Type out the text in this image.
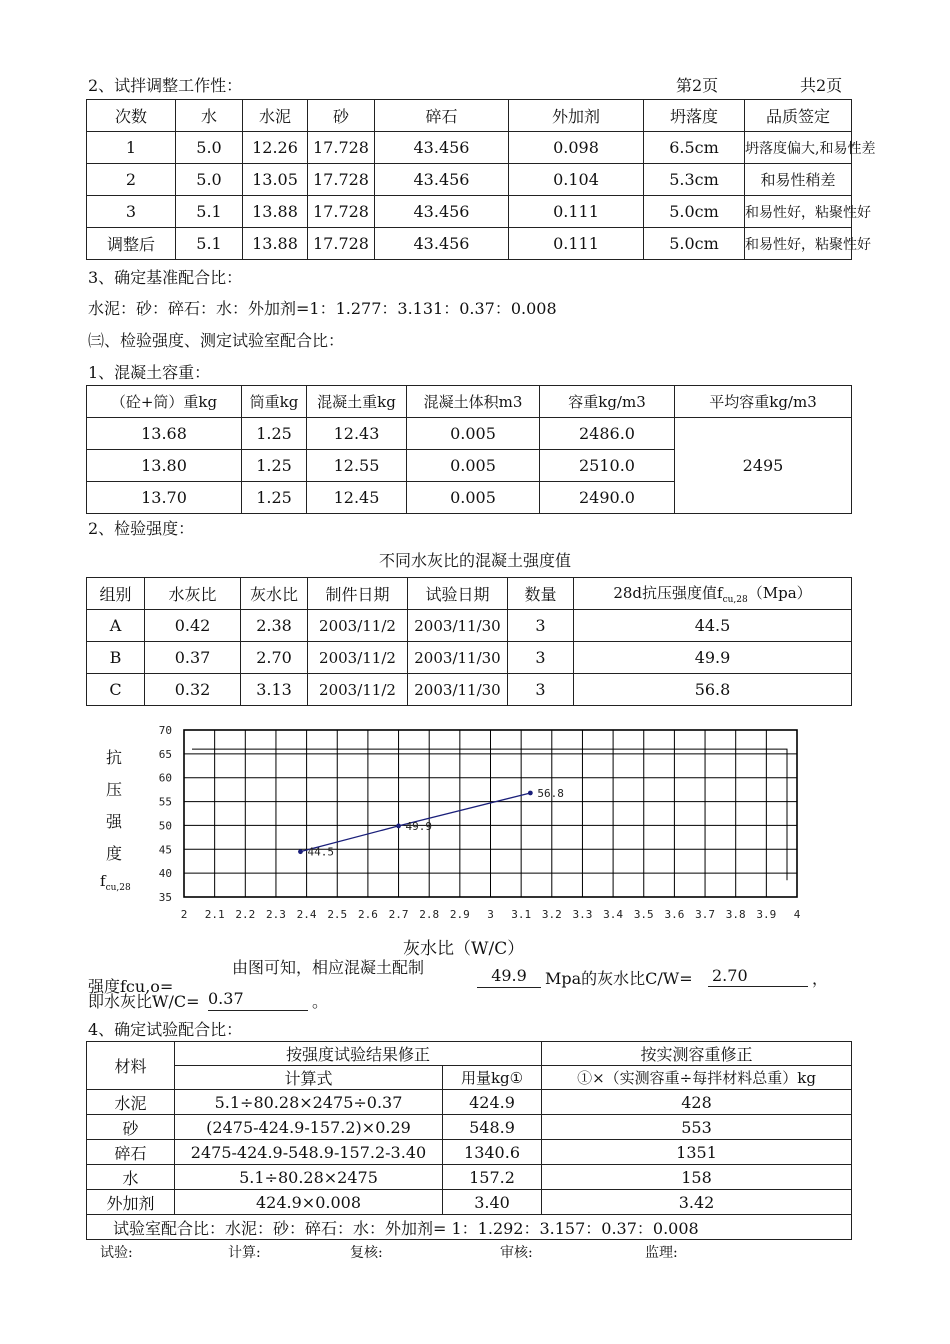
2、试拌调整工作性：	第2页	共2页
次数	水	水泥	砂	碎石	外加剂	坍落度	品质签定
1	5.0	12.26	17.728	43.456	0.098	6.5cm	坍落度偏大,和易性差
2	5.0	13.05	17.728	43.456	0.104	5.3cm	和易性稍差
3	5.1	13.88	17.728	43.456	0.111	5.0cm	和易性好，粘聚性好
调整后	5.1	13.88	17.728	43.456	0.111	5.0cm	和易性好，粘聚性好
3、确定基准配合比：
水泥：砂：碎石：水：外加剂=1：1.277：3.131：0.37：0.008
㈢、检验强度、测定试验室配合比：
1、混凝土容重：
（砼+筒）重kg	筒重kg	混凝土重kg	混凝土体积m3	容重kg/m3	平均容重kg/m3
13.68	1.25	12.43	0.005	2486.0	2495
13.80	1.25	12.55	0.005	2510.0	
13.70	1.25	12.45	0.005	2490.0	
2、检验强度：
不同水灰比的混凝土强度值
组别	水灰比	灰水比	制件日期	试验日期	数量	28d抗压强度值$f_{cu,28}(Mpa)$
A	0.42	2.38	2003/11/2	2003/11/30	3	44.5
B	0.37	2.70	2003/11/2	2003/11/30	3	49.9
C	0.32	3.13	2003/11/2	2003/11/30	3	56.8
抗
压
强
度
$f_{cu,28}$
2 2.1 2.2 2.3 2.4 2.5 2.6 2.7 2.8 2.9 3 3.1 3.2 3.3 3.4 3.5 3.6 3.7 3.8 3.9 4
35
40
45
50
55
60
65
70
44.5
49.9
56.8
灰水比（W/C）
由图可知，相应混凝土配制
强度fcu,o=
49.9	Mpa的灰水比C/W= 2.70	，
即水灰比W/C= 0.37	。
4、确定试验配合比：
材料	按强度试验结果修正		按实测容重修正
	计算式	用量kg①	①×（实测容重÷每拌材料总重）kg
水泥	5.1÷80.28×2475÷0.37	424.9	428
砂	(2475-424.9-157.2)×0.29	548.9	553
碎石	2475-424.9-548.9-157.2-3.40	1340.6	1351
水	5.1÷80.28×2475	157.2	158
外加剂	424.9×0.008	3.40	3.42
试验室配合比：水泥：砂：碎石：水：外加剂= 1：1.292：3.157：0.37：0.008			
试验:	计算:	复核:	审核:	监理:
